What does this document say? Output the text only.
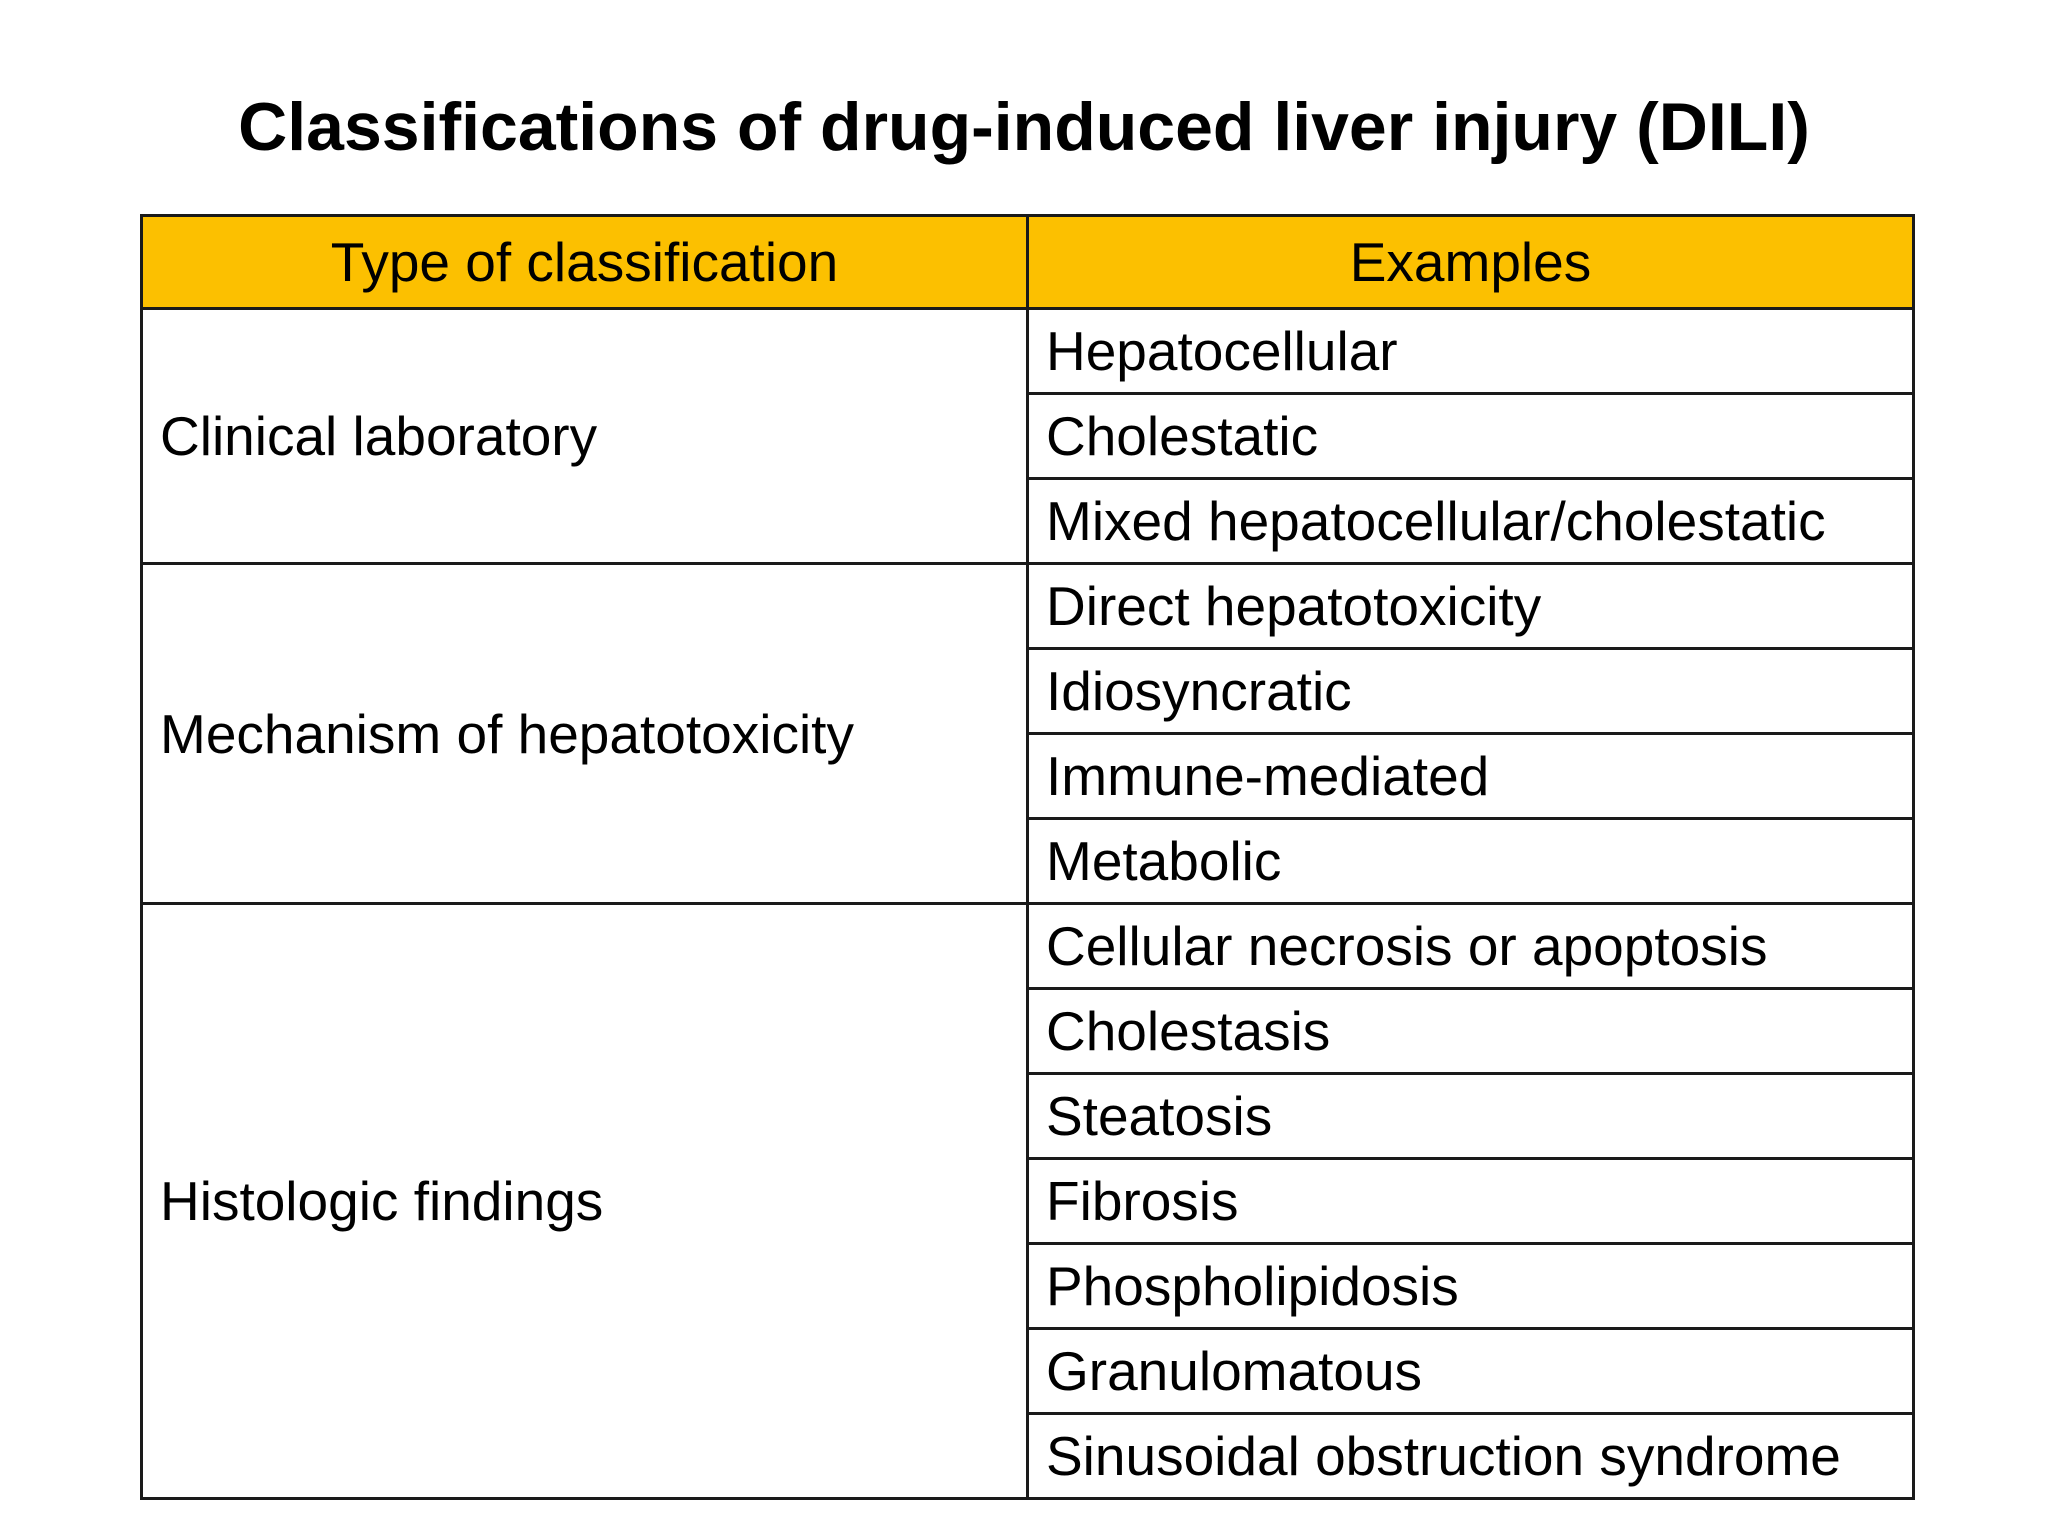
Classifications of drug-induced liver injury (DILI)
Type of classification	Examples
Clinical laboratory	Hepatocellular
	Cholestatic
	Mixed hepatocellular/cholestatic
Mechanism of hepatotoxicity	Direct hepatotoxicity
	Idiosyncratic
	Immune-mediated
	Metabolic
Histologic findings	Cellular necrosis or apoptosis
	Cholestasis
	Steatosis
	Fibrosis
	Phospholipidosis
	Granulomatous
	Sinusoidal obstruction syndrome
